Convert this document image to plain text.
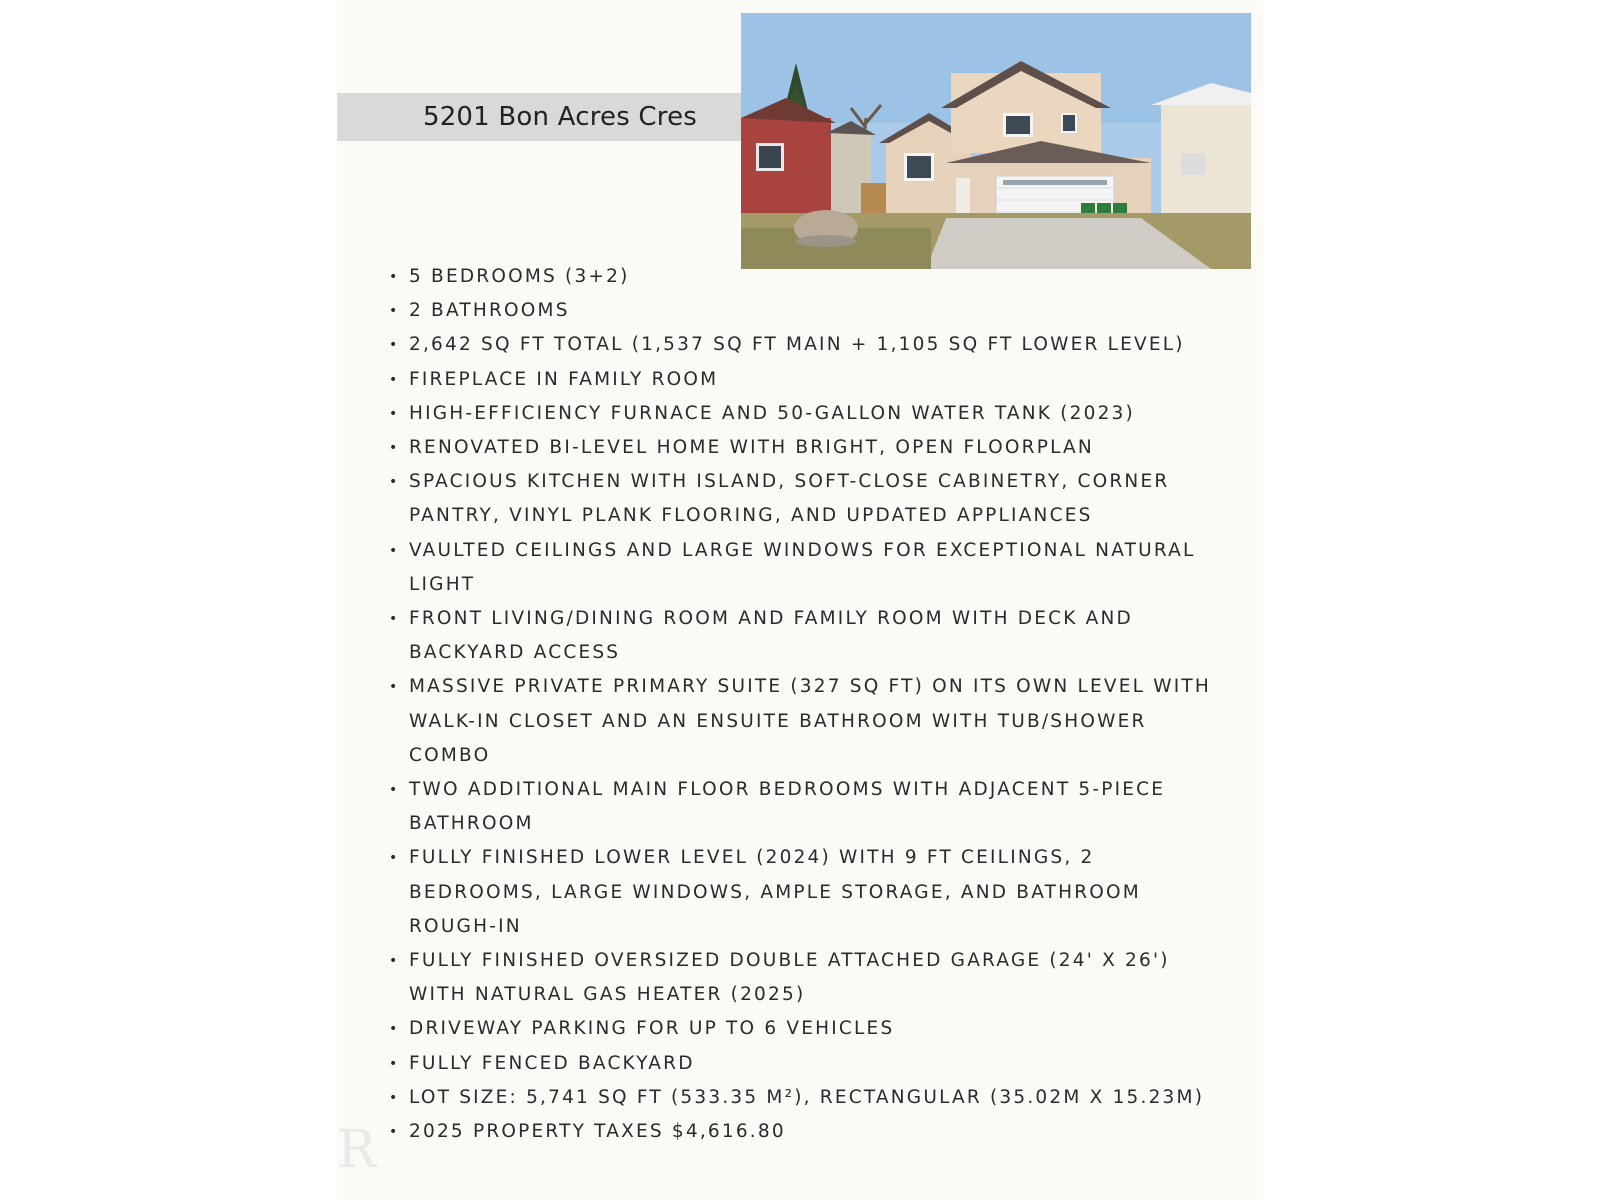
5201 Bon Acres Cres
• 5 BEDROOMS (3+2)
• 2 BATHROOMS
• 2,642 SQ FT TOTAL (1,537 SQ FT MAIN + 1,105 SQ FT LOWER LEVEL)
• FIREPLACE IN FAMILY ROOM
• HIGH-EFFICIENCY FURNACE AND 50-GALLON WATER TANK (2023)
• RENOVATED BI-LEVEL HOME WITH BRIGHT, OPEN FLOORPLAN
• SPACIOUS KITCHEN WITH ISLAND, SOFT-CLOSE CABINETRY, CORNER PANTRY, VINYL PLANK FLOORING, AND UPDATED APPLIANCES
• VAULTED CEILINGS AND LARGE WINDOWS FOR EXCEPTIONAL NATURAL LIGHT
• FRONT LIVING/DINING ROOM AND FAMILY ROOM WITH DECK AND BACKYARD ACCESS
• MASSIVE PRIVATE PRIMARY SUITE (327 SQ FT) ON ITS OWN LEVEL WITH WALK-IN CLOSET AND AN ENSUITE BATHROOM WITH TUB/SHOWER COMBO
• TWO ADDITIONAL MAIN FLOOR BEDROOMS WITH ADJACENT 5-PIECE BATHROOM
• FULLY FINISHED LOWER LEVEL (2024) WITH 9 FT CEILINGS, 2 BEDROOMS, LARGE WINDOWS, AMPLE STORAGE, AND BATHROOM ROUGH-IN
• FULLY FINISHED OVERSIZED DOUBLE ATTACHED GARAGE (24' X 26') WITH NATURAL GAS HEATER (2025)
• DRIVEWAY PARKING FOR UP TO 6 VEHICLES
• FULLY FENCED BACKYARD
• LOT SIZE: 5,741 SQ FT (533.35 M²), RECTANGULAR (35.02M X 15.23M)
• 2025 PROPERTY TAXES $4,616.80
R
